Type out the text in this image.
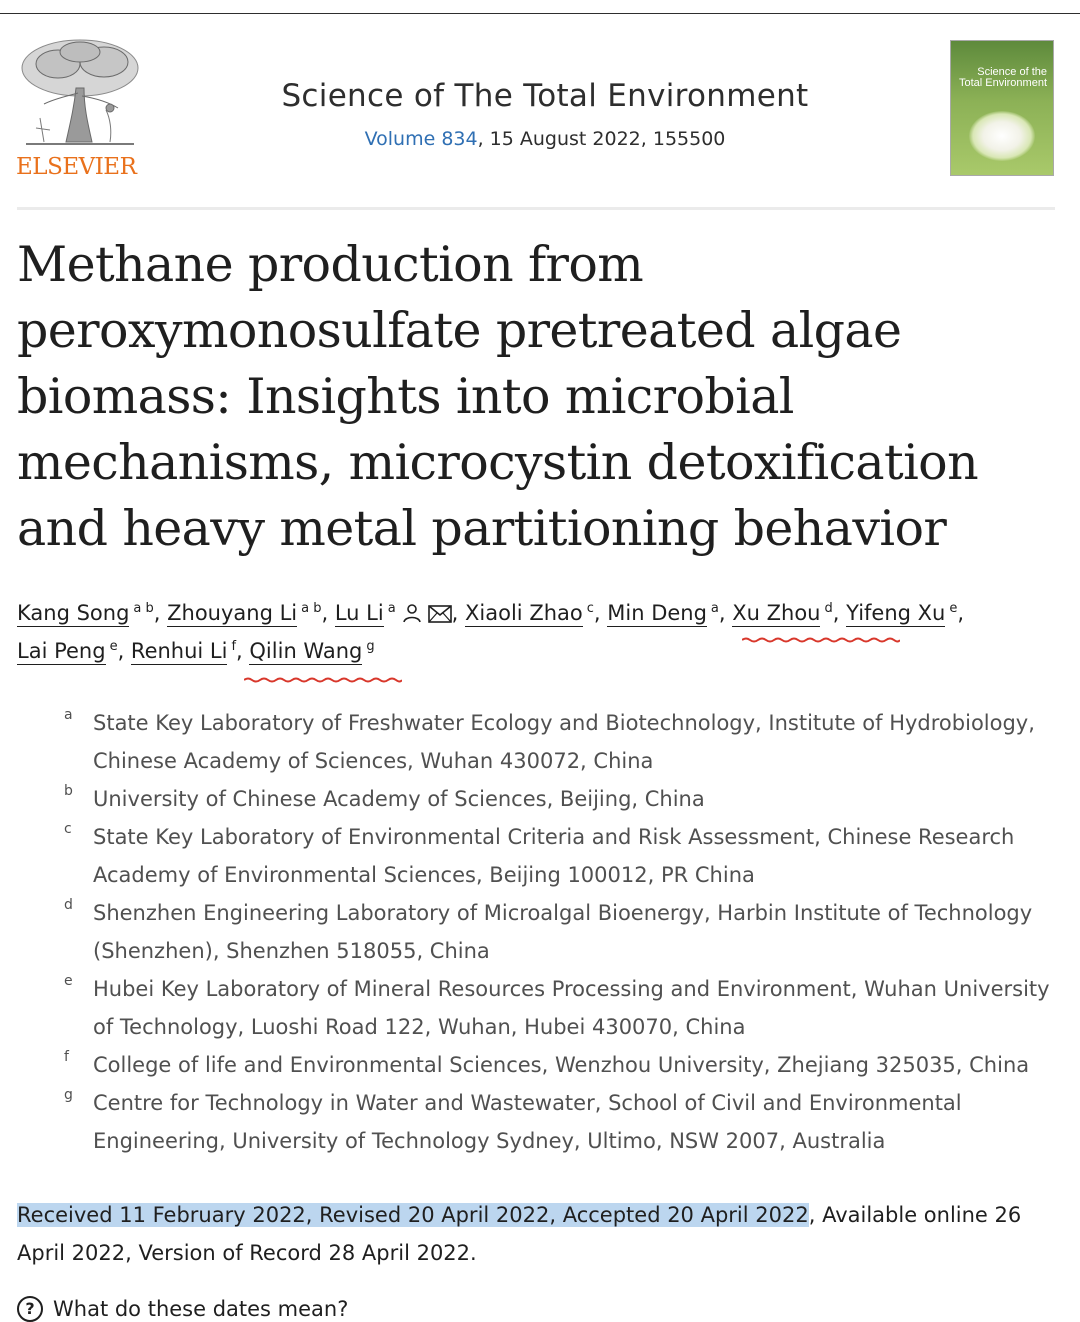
ELSEVIER
Science of The Total Environment
Volume 834, 15 August 2022, 155500
Science of the Total Environment
Methane production from peroxymonosulfate pretreated algae biomass: Insights into microbial mechanisms, microcystin detoxification and heavy metal partitioning behavior
Kang Song $^{a b}$, Zhouyang Li $^{a b}$, Lu Li $^a$	, Xiaoli Zhao $^c$, Min Deng $^a$, Xu Zhou $^d$, Yifeng Xu $^e$,
Lai Peng $^e$, Renhui Li $^f$, Qilin Wang $^g$
a State Key Laboratory of Freshwater Ecology and Biotechnology, Institute of Hydrobiology, Chinese Academy of Sciences, Wuhan 430072, China
b University of Chinese Academy of Sciences, Beijing, China
c State Key Laboratory of Environmental Criteria and Risk Assessment, Chinese Research Academy of Environmental Sciences, Beijing 100012, PR China
d Shenzhen Engineering Laboratory of Microalgal Bioenergy, Harbin Institute of Technology (Shenzhen), Shenzhen 518055, China
e Hubei Key Laboratory of Mineral Resources Processing and Environment, Wuhan University of Technology, Luoshi Road 122, Wuhan, Hubei 430070, China
f College of life and Environmental Sciences, Wenzhou University, Zhejiang 325035, China
g Centre for Technology in Water and Wastewater, School of Civil and Environmental Engineering, University of Technology Sydney, Ultimo, NSW 2007, Australia
Received 11 February 2022, Revised 20 April 2022, Accepted 20 April 2022, Available online 26 April 2022, Version of Record 28 April 2022.
? What do these dates mean?
